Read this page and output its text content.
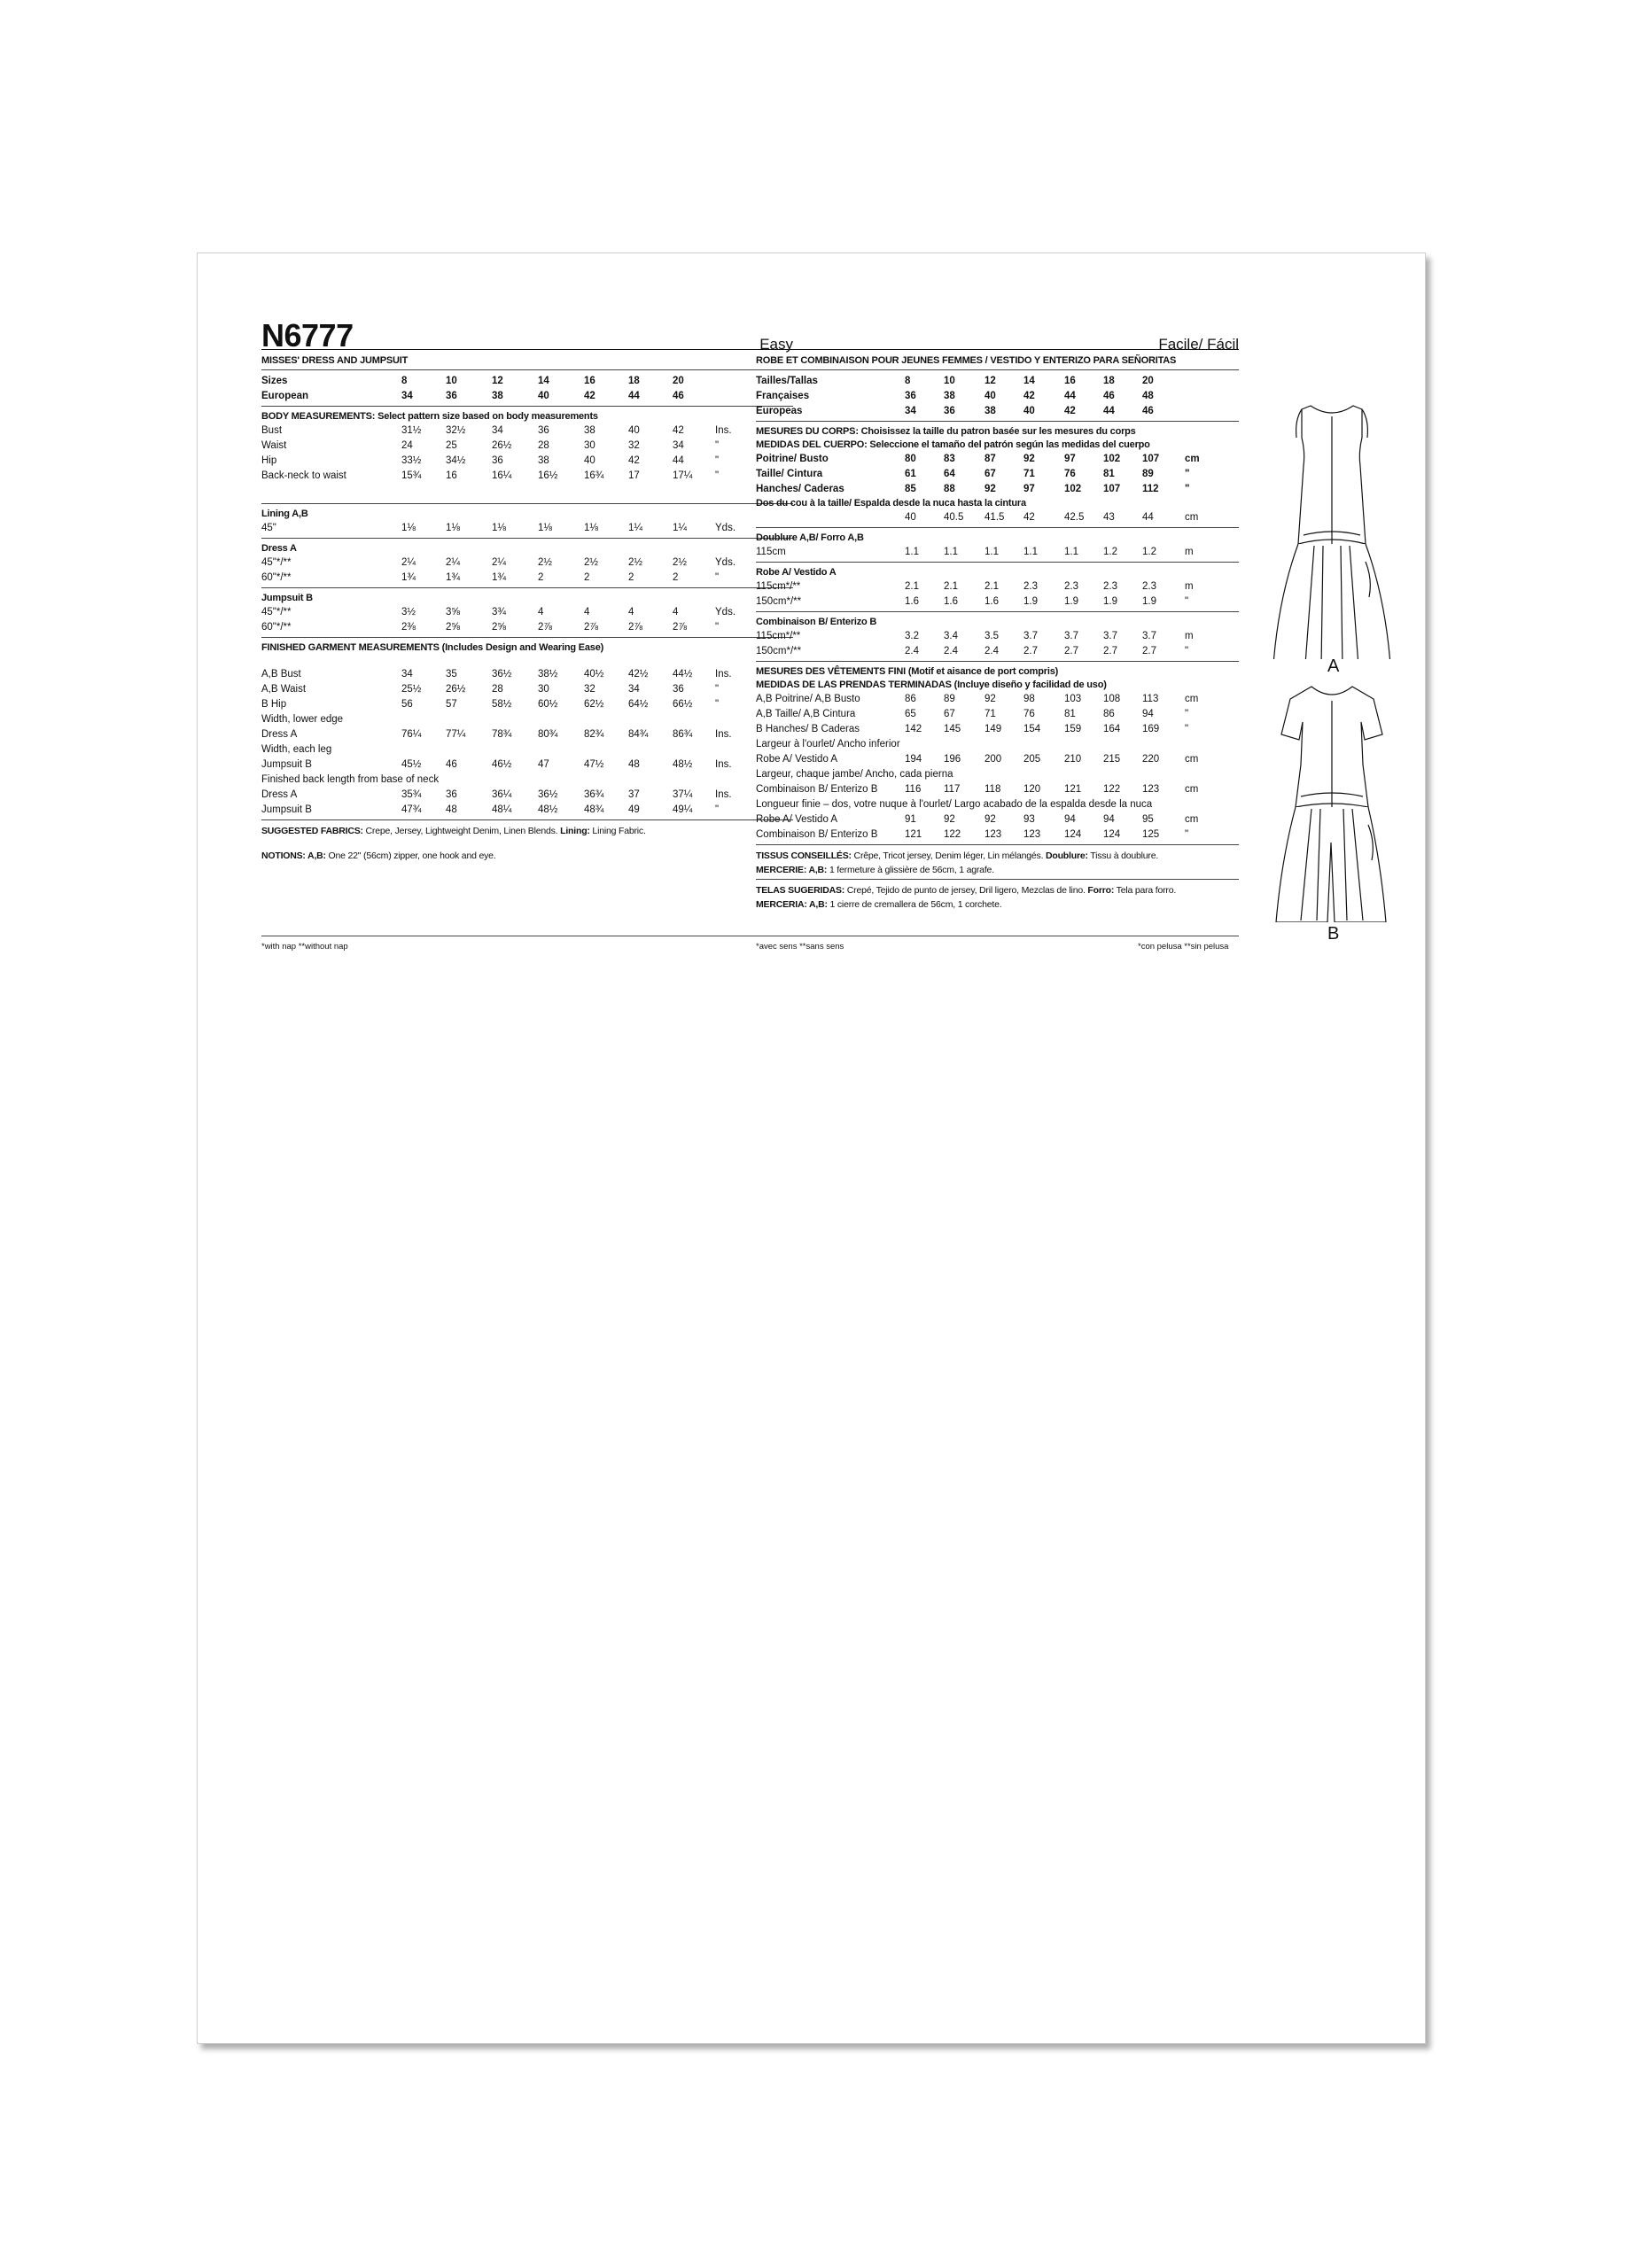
N6777	Easy
MISSES' DRESS AND JUMPSUIT
Sizes	8	10	12	14	16	18	20
European	34	36	38	40	42	44	46
BODY MEASUREMENTS: Select pattern size based on body measurements
Bust	31½	32½	34	36	38	40	42	Ins.
Waist	24	25	26½	28	30	32	34	"
Hip	33½	34½	36	38	40	42	44	"
Back-neck to waist	15¾	16	16¼	16½	16¾	17	17¼	"
Lining A,B
45"	1⅛	1⅛	1⅛	1⅛	1⅛	1¼	1¼	Yds.
Dress A
45"*/**	2¼	2¼	2¼	2½	2½	2½	2½	Yds.
60"*/**	1¾	1¾	1¾	2	2	2	2	"
Jumpsuit B
45"*/**	3½	3⅝	3¾	4	4	4	4	Yds.
60"*/**	2⅜	2⅝	2⅝	2⅞	2⅞	2⅞	2⅞	"
FINISHED GARMENT MEASUREMENTS (Includes Design and Wearing Ease)
A,B Bust	34	35	36½	38½	40½	42½	44½	Ins.
A,B Waist	25½	26½	28	30	32	34	36	"
B Hip	56	57	58½	60½	62½	64½	66½	"
Width, lower edge
Dress A	76¼	77¼	78¾	80¾	82¾	84¾	86¾	Ins.
Width, each leg
Jumpsuit B	45½	46	46½	47	47½	48	48½	Ins.
Finished back length from base of neck
Dress A	35¾	36	36¼	36½	36¾	37	37¼	Ins.
Jumpsuit B	47¾	48	48¼	48½	48¾	49	49¼	"
SUGGESTED FABRICS: Crepe, Jersey, Lightweight Denim, Linen Blends. Lining: Lining Fabric.
NOTIONS: A,B: One 22" (56cm) zipper, one hook and eye.
Facile/ Fácil
ROBE ET COMBINAISON POUR JEUNES FEMMES / VESTIDO Y ENTERIZO PARA SEÑORITAS
Tailles/Tallas	8	10	12	14	16	18	20
Françaises	36	38	40	42	44	46	48
Europeas	34	36	38	40	42	44	46
MESURES DU CORPS: Choisissez la taille du patron basée sur les mesures du corps
MEDIDAS DEL CUERPO: Seleccione el tamaño del patrón según las medidas del cuerpo
Poitrine/ Busto	80	83	87	92	97	102	107	cm
Taille/ Cintura	61	64	67	71	76	81	89	"
Hanches/ Caderas	85	88	92	97	102	107	112	"
Dos du cou à la taille/ Espalda desde la nuca hasta la cintura
40	40.5	41.5	42	42.5	43	44	cm
Doublure A,B/ Forro A,B
115cm	1.1	1.1	1.1	1.1	1.1	1.2	1.2	m
Robe A/ Vestido A
115cm*/**	2.1	2.1	2.1	2.3	2.3	2.3	2.3	m
150cm*/**	1.6	1.6	1.6	1.9	1.9	1.9	1.9	"
Combinaison B/ Enterizo B
115cm*/**	3.2	3.4	3.5	3.7	3.7	3.7	3.7	m
150cm*/**	2.4	2.4	2.4	2.7	2.7	2.7	2.7	"
MESURES DES VÊTEMENTS FINI (Motif et aisance de port compris)
MEDIDAS DE LAS PRENDAS TERMINADAS (Incluye diseño y facilidad de uso)
A,B Poitrine/ A,B Busto	86	89	92	98	103	108	113	cm
A,B Taille/ A,B Cintura	65	67	71	76	81	86	94	"
B Hanches/ B Caderas	142	145	149	154	159	164	169	"
Largeur à l'ourlet/ Ancho inferior
Robe A/ Vestido A	194	196	200	205	210	215	220	cm
Largeur, chaque jambe/ Ancho, cada pierna
Combinaison B/ Enterizo B	116	117	118	120	121	122	123	cm
Longueur finie – dos, votre nuque à l'ourlet/ Largo acabado de la espalda desde la nuca
Robe A/ Vestido A	91	92	92	93	94	94	95	cm
Combinaison B/ Enterizo B	121	122	123	123	124	124	125	"
TISSUS CONSEILLÉS: Crêpe, Tricot jersey, Denim léger, Lin mélangés. Doublure: Tissu à doublure.
MERCERIE: A,B: 1 fermeture à glissière de 56cm, 1 agrafe.
TELAS SUGERIDAS: Crepé, Tejido de punto de jersey, Dril ligero, Mezclas de lino. Forro: Tela para forro.
MERCERIA: A,B: 1 cierre de cremallera de 56cm, 1 corchete.
A
B
*with nap **without nap	*avec sens **sans sens	*con pelusa **sin pelusa
